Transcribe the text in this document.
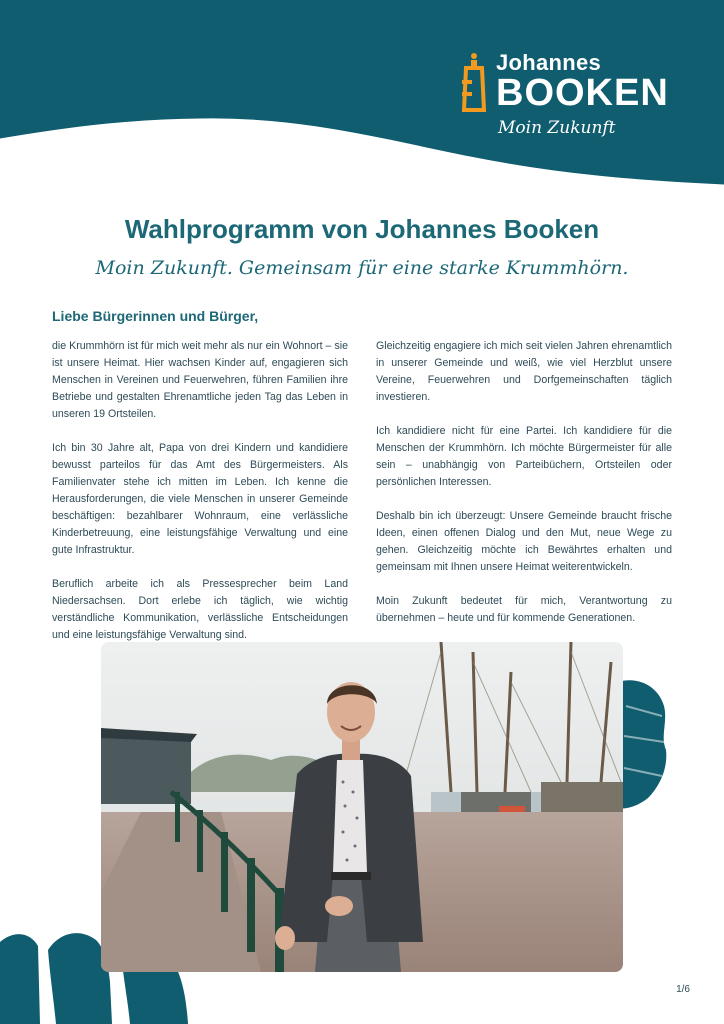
Johannes
BOOKEN
Moin Zukunft
Wahlprogramm von Johannes Booken
Moin Zukunft. Gemeinsam für eine starke Krummhörn.
Liebe Bürgerinnen und Bürger,

die Krummhörn ist für mich weit mehr als nur ein Wohnort – sie ist unsere Heimat. Hier wachsen Kinder auf, engagieren sich Menschen in Vereinen und Feuerwehren, führen Familien ihre Betriebe und gestalten Ehrenamtliche jeden Tag das Leben in unseren 19 Ortsteilen.

Ich bin 30 Jahre alt, Papa von drei Kindern und kandidiere bewusst parteilos für das Amt des Bürgermeisters. Als Familienvater stehe ich mitten im Leben. Ich kenne die Herausforderungen, die viele Menschen in unserer Gemeinde beschäftigen: bezahlbarer Wohnraum, eine verlässliche Kinderbetreuung, eine leistungsfähige Verwaltung und eine gute Infrastruktur.

Beruflich arbeite ich als Pressesprecher beim Land Niedersachsen. Dort erlebe ich täglich, wie wichtig verständliche Kommunikation, verlässliche Entscheidungen und eine leistungsfähige Verwaltung sind.

Gleichzeitig engagiere ich mich seit vielen Jahren ehrenamtlich in unserer Gemeinde und weiß, wie viel Herzblut unsere Vereine, Feuerwehren und Dorfgemeinschaften täglich investieren.

Ich kandidiere nicht für eine Partei. Ich kandidiere für die Menschen der Krummhörn. Ich möchte Bürgermeister für alle sein – unabhängig von Parteibüchern, Ortsteilen oder persönlichen Interessen.

Deshalb bin ich überzeugt: Unsere Gemeinde braucht frische Ideen, einen offenen Dialog und den Mut, neue Wege zu gehen. Gleichzeitig möchte ich Bewährtes erhalten und gemeinsam mit Ihnen unsere Heimat weiterentwickeln.

Moin Zukunft bedeutet für mich, Verantwortung zu übernehmen – heute und für kommende Generationen.

1/6
